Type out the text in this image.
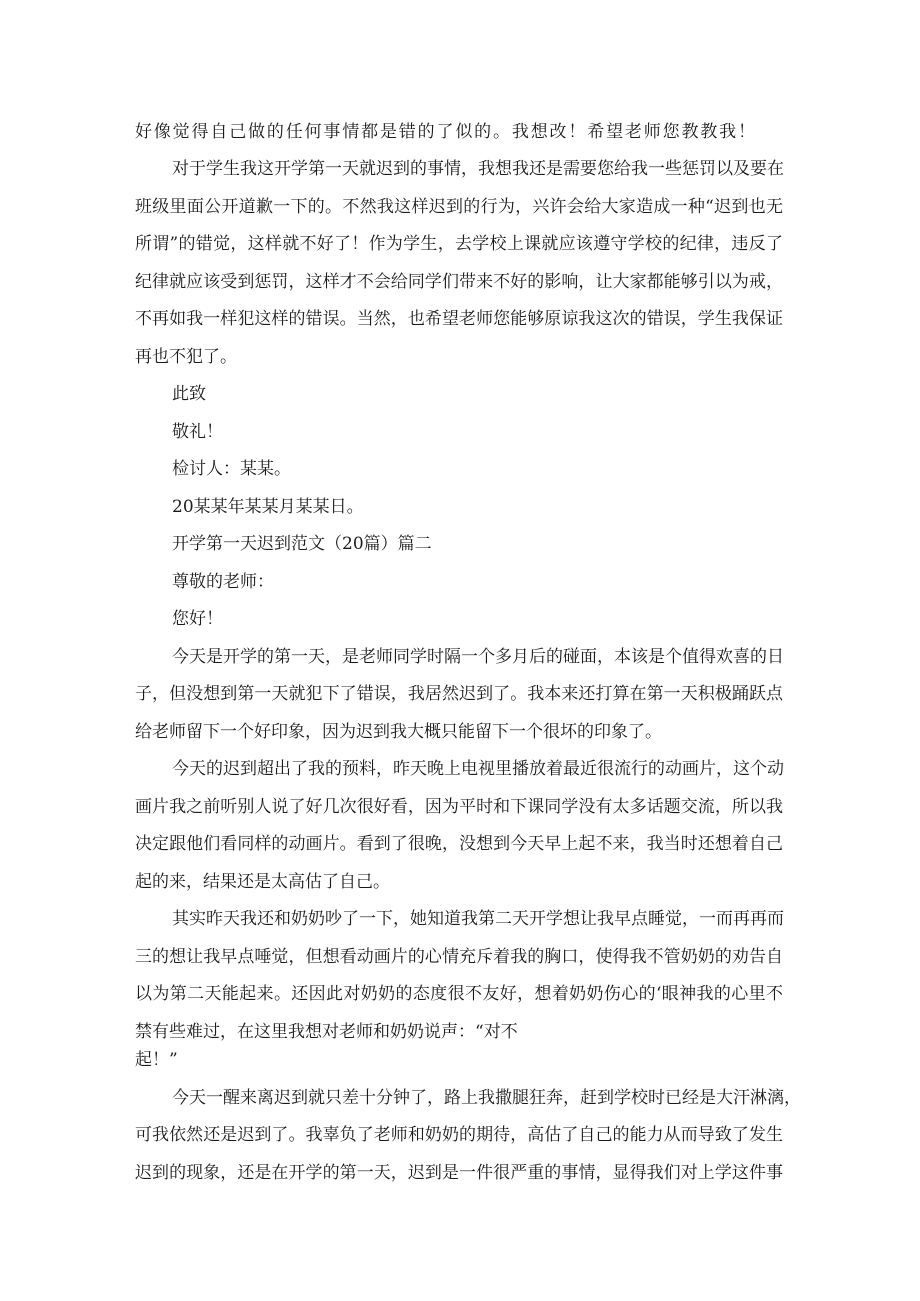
好像觉得自己做的任何事情都是错的了似的。我想改！希望老师您教教我！
对于学生我这开学第一天就迟到的事情，我想我还是需要您给我一些惩罚以及要在
班级里面公开道歉一下的。不然我这样迟到的行为，兴许会给大家造成一种“迟到也无
所谓”的错觉，这样就不好了！作为学生，去学校上课就应该遵守学校的纪律，违反了
纪律就应该受到惩罚，这样才不会给同学们带来不好的影响，让大家都能够引以为戒，
不再如我一样犯这样的错误。当然，也希望老师您能够原谅我这次的错误，学生我保证
再也不犯了。
此致
敬礼！
检讨人：某某。
20某某年某某月某某日。
开学第一天迟到范文（20篇）篇二
尊敬的老师：
您好！
今天是开学的第一天，是老师同学时隔一个多月后的碰面，本该是个值得欢喜的日
子，但没想到第一天就犯下了错误，我居然迟到了。我本来还打算在第一天积极踊跃点
给老师留下一个好印象，因为迟到我大概只能留下一个很坏的印象了。
今天的迟到超出了我的预料，昨天晚上电视里播放着最近很流行的动画片，这个动
画片我之前听别人说了好几次很好看，因为平时和下课同学没有太多话题交流，所以我
决定跟他们看同样的动画片。看到了很晚，没想到今天早上起不来，我当时还想着自己
起的来，结果还是太高估了自己。
其实昨天我还和奶奶吵了一下，她知道我第二天开学想让我早点睡觉，一而再再而
三的想让我早点唾觉，但想看动画片的心情充斥着我的胸口，使得我不管奶奶的劝告自
以为第二天能起来。还因此对奶奶的态度很不友好，想着奶奶伤心的‘眼神我的心里不
禁有些难过，在这里我想对老师和奶奶说声：“对不
起！”
今天一醒来离迟到就只差十分钟了，路上我撒腿狂奔，赶到学校时已经是大汗淋漓，
可我依然还是迟到了。我辜负了老师和奶奶的期待，高估了自己的能力从而导致了发生
迟到的现象，还是在开学的第一天，迟到是一件很严重的事情，显得我们对上学这件事
